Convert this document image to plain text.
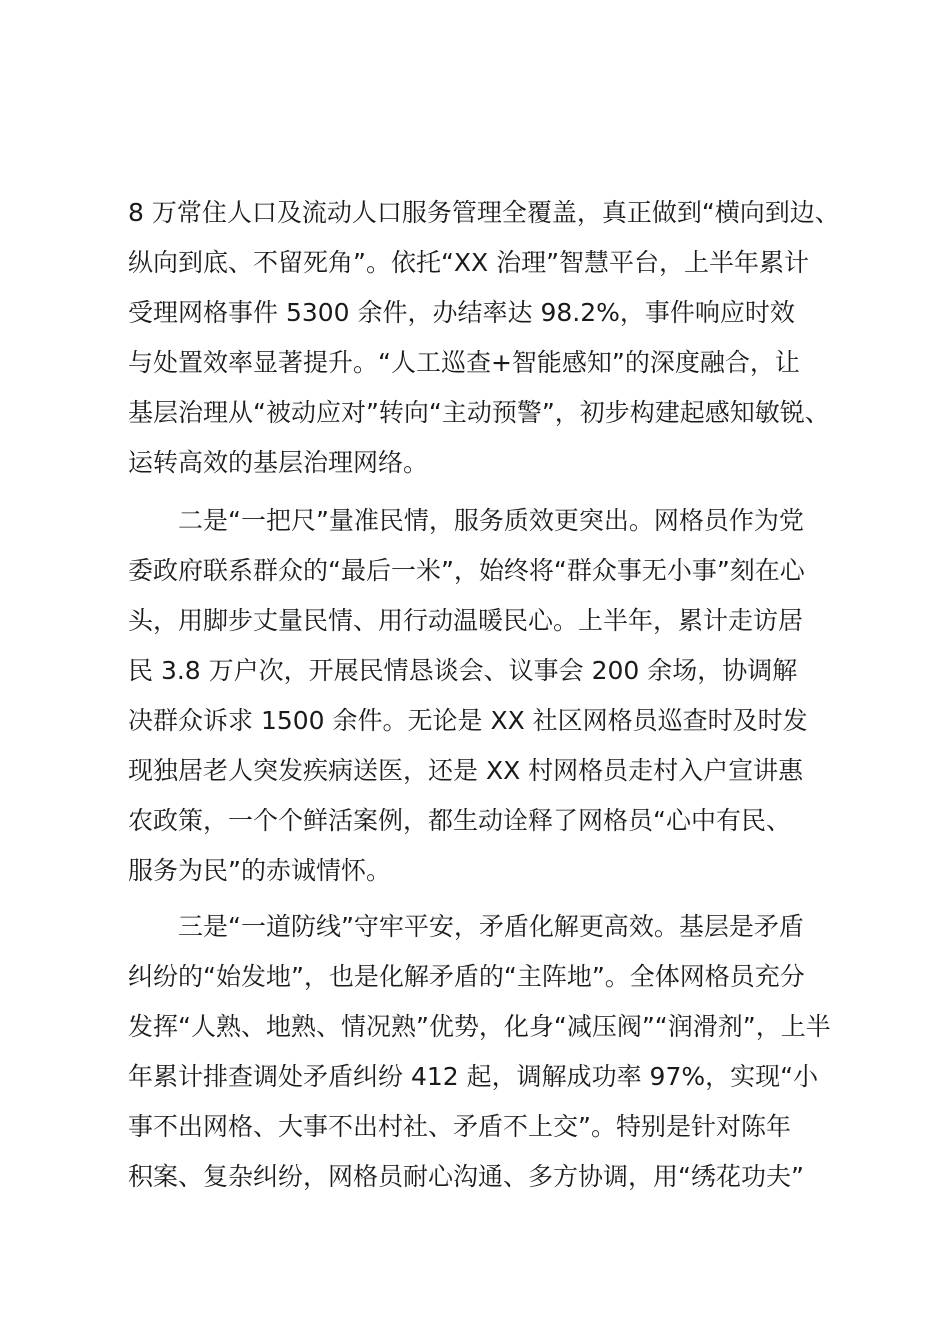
8 万常住人口及流动人口服务管理全覆盖，真正做到“横向到边、
纵向到底、不留死角”。依托“XX 治理”智慧平台，上半年累计
受理网格事件 5300 余件，办结率达 98.2%，事件响应时效
与处置效率显著提升。“人工巡查+智能感知”的深度融合，让
基层治理从“被动应对”转向“主动预警”，初步构建起感知敏锐、
运转高效的基层治理网络。
二是“一把尺”量准民情，服务质效更突出。网格员作为党
委政府联系群众的“最后一米”，始终将“群众事无小事”刻在心
头，用脚步丈量民情、用行动温暖民心。上半年，累计走访居
民 3.8 万户次，开展民情恳谈会、议事会 200 余场，协调解
决群众诉求 1500 余件。无论是 XX 社区网格员巡查时及时发
现独居老人突发疾病送医，还是 XX 村网格员走村入户宣讲惠
农政策，一个个鲜活案例，都生动诠释了网格员“心中有民、
服务为民”的赤诚情怀。
三是“一道防线”守牢平安，矛盾化解更高效。基层是矛盾
纠纷的“始发地”，也是化解矛盾的“主阵地”。全体网格员充分
发挥“人熟、地熟、情况熟”优势，化身“减压阀”“润滑剂”，上半
年累计排查调处矛盾纠纷 412 起，调解成功率 97%，实现“小
事不出网格、大事不出村社、矛盾不上交”。特别是针对陈年
积案、复杂纠纷，网格员耐心沟通、多方协调，用“绣花功夫”
